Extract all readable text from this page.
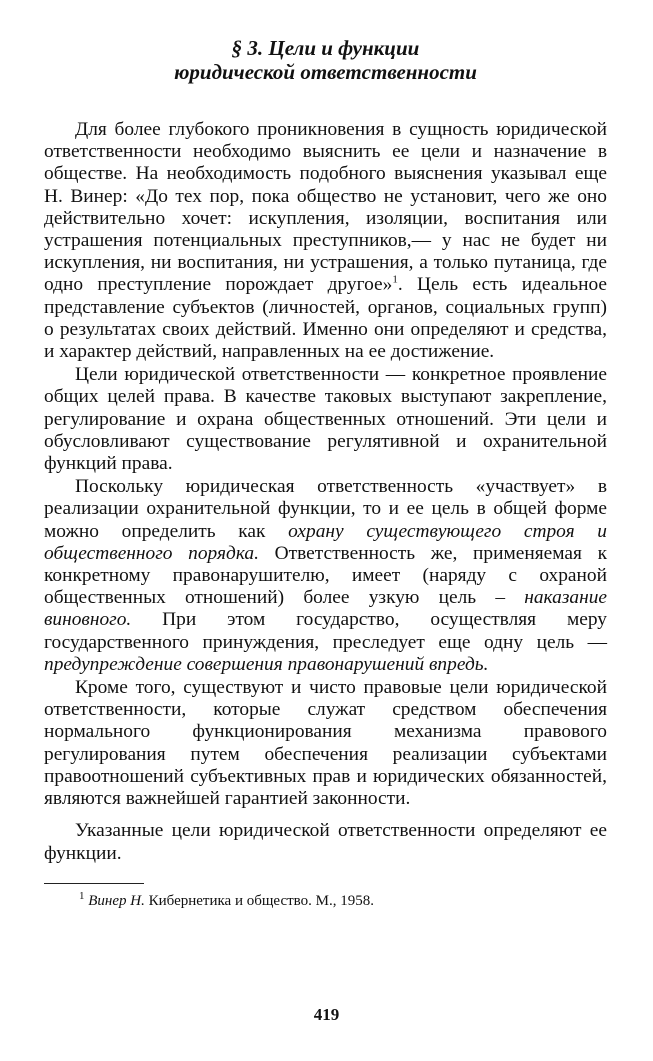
§ 3. Цели и функции
юридической ответственности

Для более глубокого проникновения в сущность юридической ответственности необходимо выяснить ее цели и назначение в обществе. На необходимость подобного выяснения указывал еще Н. Винер: «До тех пор, пока общество не установит, чего же оно действительно хочет: искупления, изоляции, воспитания или устрашения потенциальных преступников,— у нас не будет ни искупления, ни воспитания, ни устрашения, а только путаница, где одно преступление порождает другое»$^1$. Цель есть идеальное представление субъектов (личностей, органов, социальных групп) о результатах своих действий. Именно они определяют и средства, и характер действий, направленных на ее достижение.

Цели юридической ответственности — конкретное проявление общих целей права. В качестве таковых выступают закрепление, регулирование и охрана общественных отношений. Эти цели и обусловливают существование регулятивной и охранительной функций права.

Поскольку юридическая ответственность «участвует» в реализации охранительной функции, то и ее цель в общей форме можно определить как охрану существующего строя и общественного порядка. Ответственность же, применяемая к конкретному правонарушителю, имеет (наряду с охраной общественных отношений) более узкую цель – наказание виновного. При этом государство, осуществляя меру государственного принуждения, преследует еще одну цель — предупреждение совершения правонарушений впредь.

Кроме того, существуют и чисто правовые цели юридической ответственности, которые служат средством обеспечения нормального функционирования механизма правового регулирования путем обеспечения реализации субъектами правоотношений субъективных прав и юридических обязанностей, являются важнейшей гарантией законности.

Указанные цели юридической ответственности определяют ее функции.

$^1$ Винер Н. Кибернетика и общество. М., 1958.
419
